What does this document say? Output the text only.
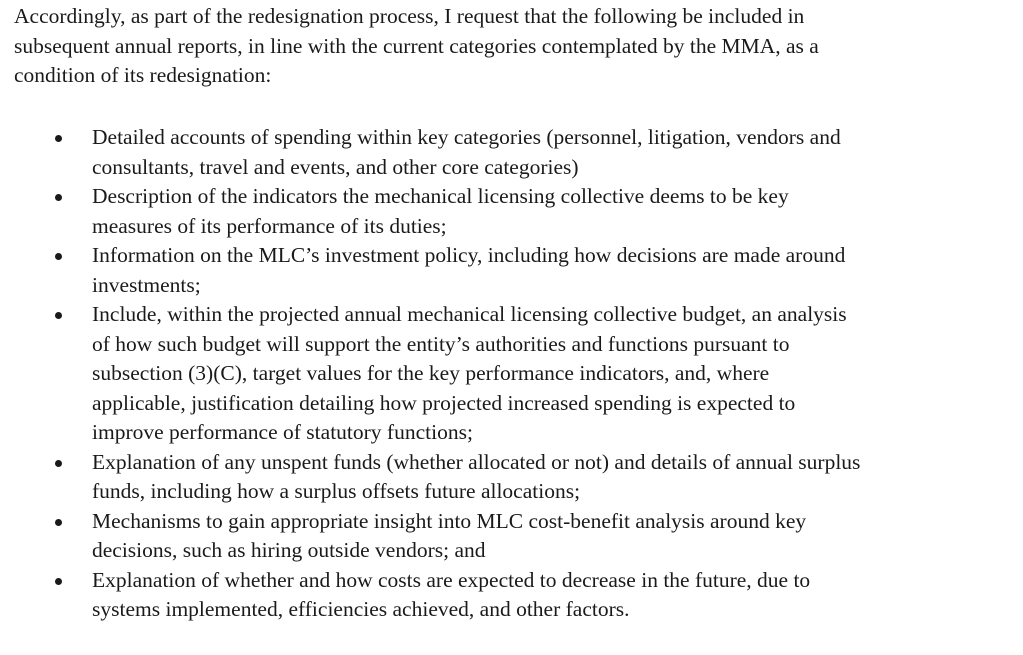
Accordingly, as part of the redesignation process, I request that the following be included in
subsequent annual reports, in line with the current categories contemplated by the MMA, as a
condition of its redesignation:

Detailed accounts of spending within key categories (personnel, litigation, vendors and
consultants, travel and events, and other core categories)
Description of the indicators the mechanical licensing collective deems to be key
measures of its performance of its duties;
Information on the MLC’s investment policy, including how decisions are made around
investments;
Include, within the projected annual mechanical licensing collective budget, an analysis
of how such budget will support the entity’s authorities and functions pursuant to
subsection (3)(C), target values for the key performance indicators, and, where
applicable, justification detailing how projected increased spending is expected to
improve performance of statutory functions;
Explanation of any unspent funds (whether allocated or not) and details of annual surplus
funds, including how a surplus offsets future allocations;
Mechanisms to gain appropriate insight into MLC cost-benefit analysis around key
decisions, such as hiring outside vendors; and
Explanation of whether and how costs are expected to decrease in the future, due to
systems implemented, efficiencies achieved, and other factors.
